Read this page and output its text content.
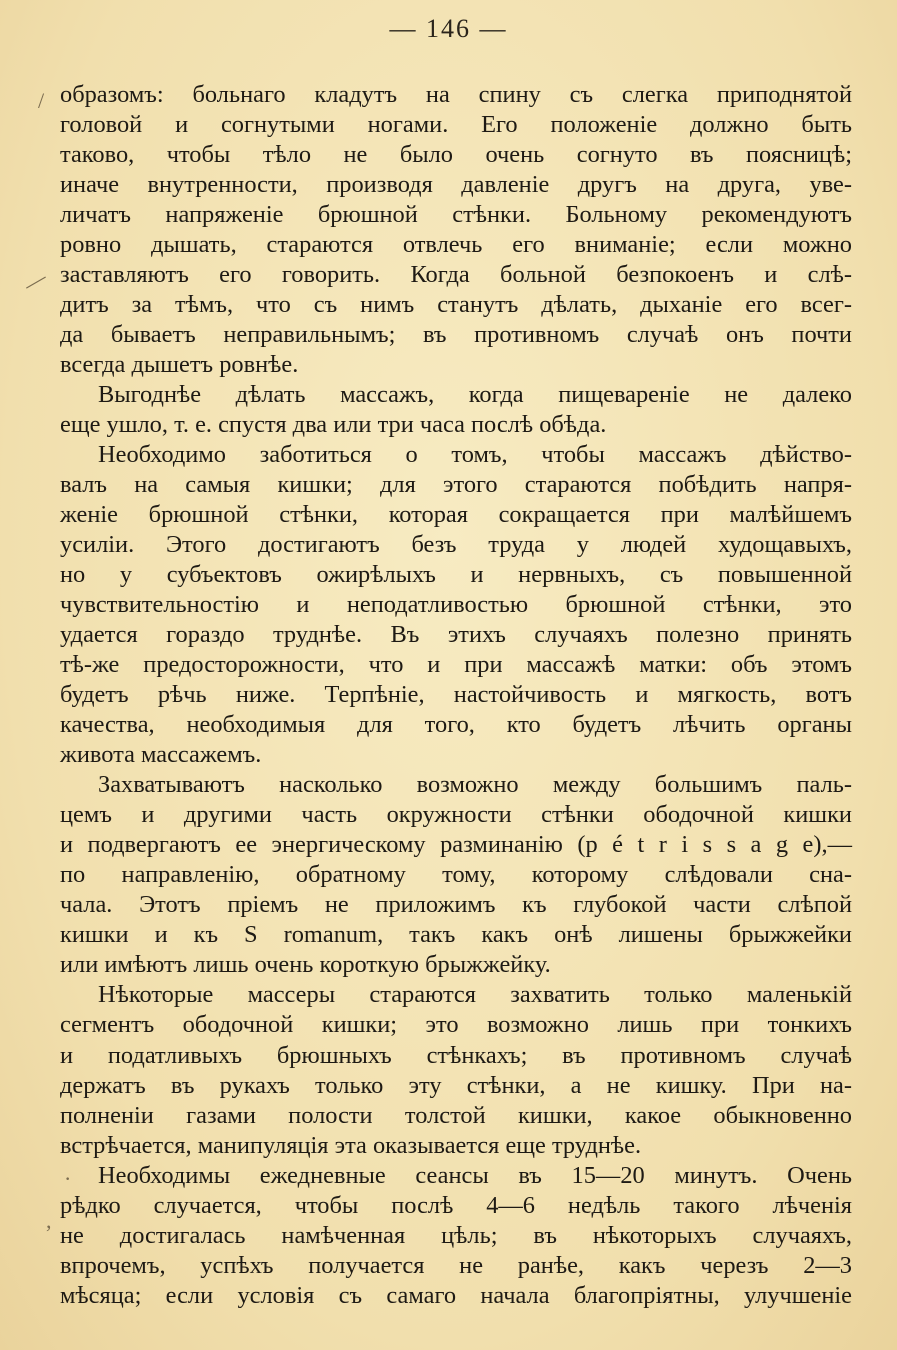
— 146 —
/
—
·
,
образомъ: больнаго кладутъ на спину съ слегка приподнятой
головой и согнутыми ногами. Его положеніе должно быть
таково, чтобы тѣло не было очень согнуто въ поясницѣ;
иначе внутренности, производя давленіе другъ на друга, уве-
личатъ напряженіе брюшной стѣнки. Больному рекомендуютъ
ровно дышать, стараются отвлечь его вниманіе; если можно
заставляютъ его говорить. Когда больной безпокоенъ и слѣ-
дитъ за тѣмъ, что съ нимъ станутъ дѣлать, дыханіе его всег-
да бываетъ неправильнымъ; въ противномъ случаѣ онъ почти
всегда дышетъ ровнѣе.
Выгоднѣе дѣлать массажъ, когда пищевареніе не далеко
еще ушло, т. е. спустя два или три часа послѣ обѣда.
Необходимо заботиться о томъ, чтобы массажъ дѣйство-
валъ на самыя кишки; для этого стараются побѣдить напря-
женіе брюшной стѣнки, которая сокращается при малѣйшемъ
усиліи. Этого достигаютъ безъ труда у людей худощавыхъ,
но у субъектовъ ожирѣлыхъ и нервныхъ, съ повышенной
чувствительностію и неподатливостью брюшной стѣнки, это
удается гораздо труднѣе. Въ этихъ случаяхъ полезно принять
тѣ-же предосторожности, что и при массажѣ матки: объ этомъ
будетъ рѣчь ниже. Терпѣніе, настойчивость и мягкость, вотъ
качества, необходимыя для того, кто будетъ лѣчить органы
живота массажемъ.
Захватываютъ насколько возможно между большимъ паль-
цемъ и другими часть окружности стѣнки ободочной кишки
и подвергаютъ ее энергическому разминанію (p é t r i s s a g e),—
по направленію, обратному тому, которому слѣдовали сна-
чала. Этотъ пріемъ не приложимъ къ глубокой части слѣпой
кишки и къ S romanum, такъ какъ онѣ лишены брыжжейки
или имѣютъ лишь очень короткую брыжжейку.
Нѣкоторые массеры стараются захватить только маленькій
сегментъ ободочной кишки; это возможно лишь при тонкихъ
и податливыхъ брюшныхъ стѣнкахъ; въ противномъ случаѣ
держатъ въ рукахъ только эту стѣнки, а не кишку. При на-
полненіи газами полости толстой кишки, какое обыкновенно
встрѣчается, манипуляція эта оказывается еще труднѣе.
Необходимы ежедневные сеансы въ 15—20 минутъ. Очень
рѣдко случается, чтобы послѣ 4—6 недѣль такого лѣченія
не достигалась намѣченная цѣль; въ нѣкоторыхъ случаяхъ,
впрочемъ, успѣхъ получается не ранѣе, какъ черезъ 2—3
мѣсяца; если условія съ самаго начала благопріятны, улучшеніе
